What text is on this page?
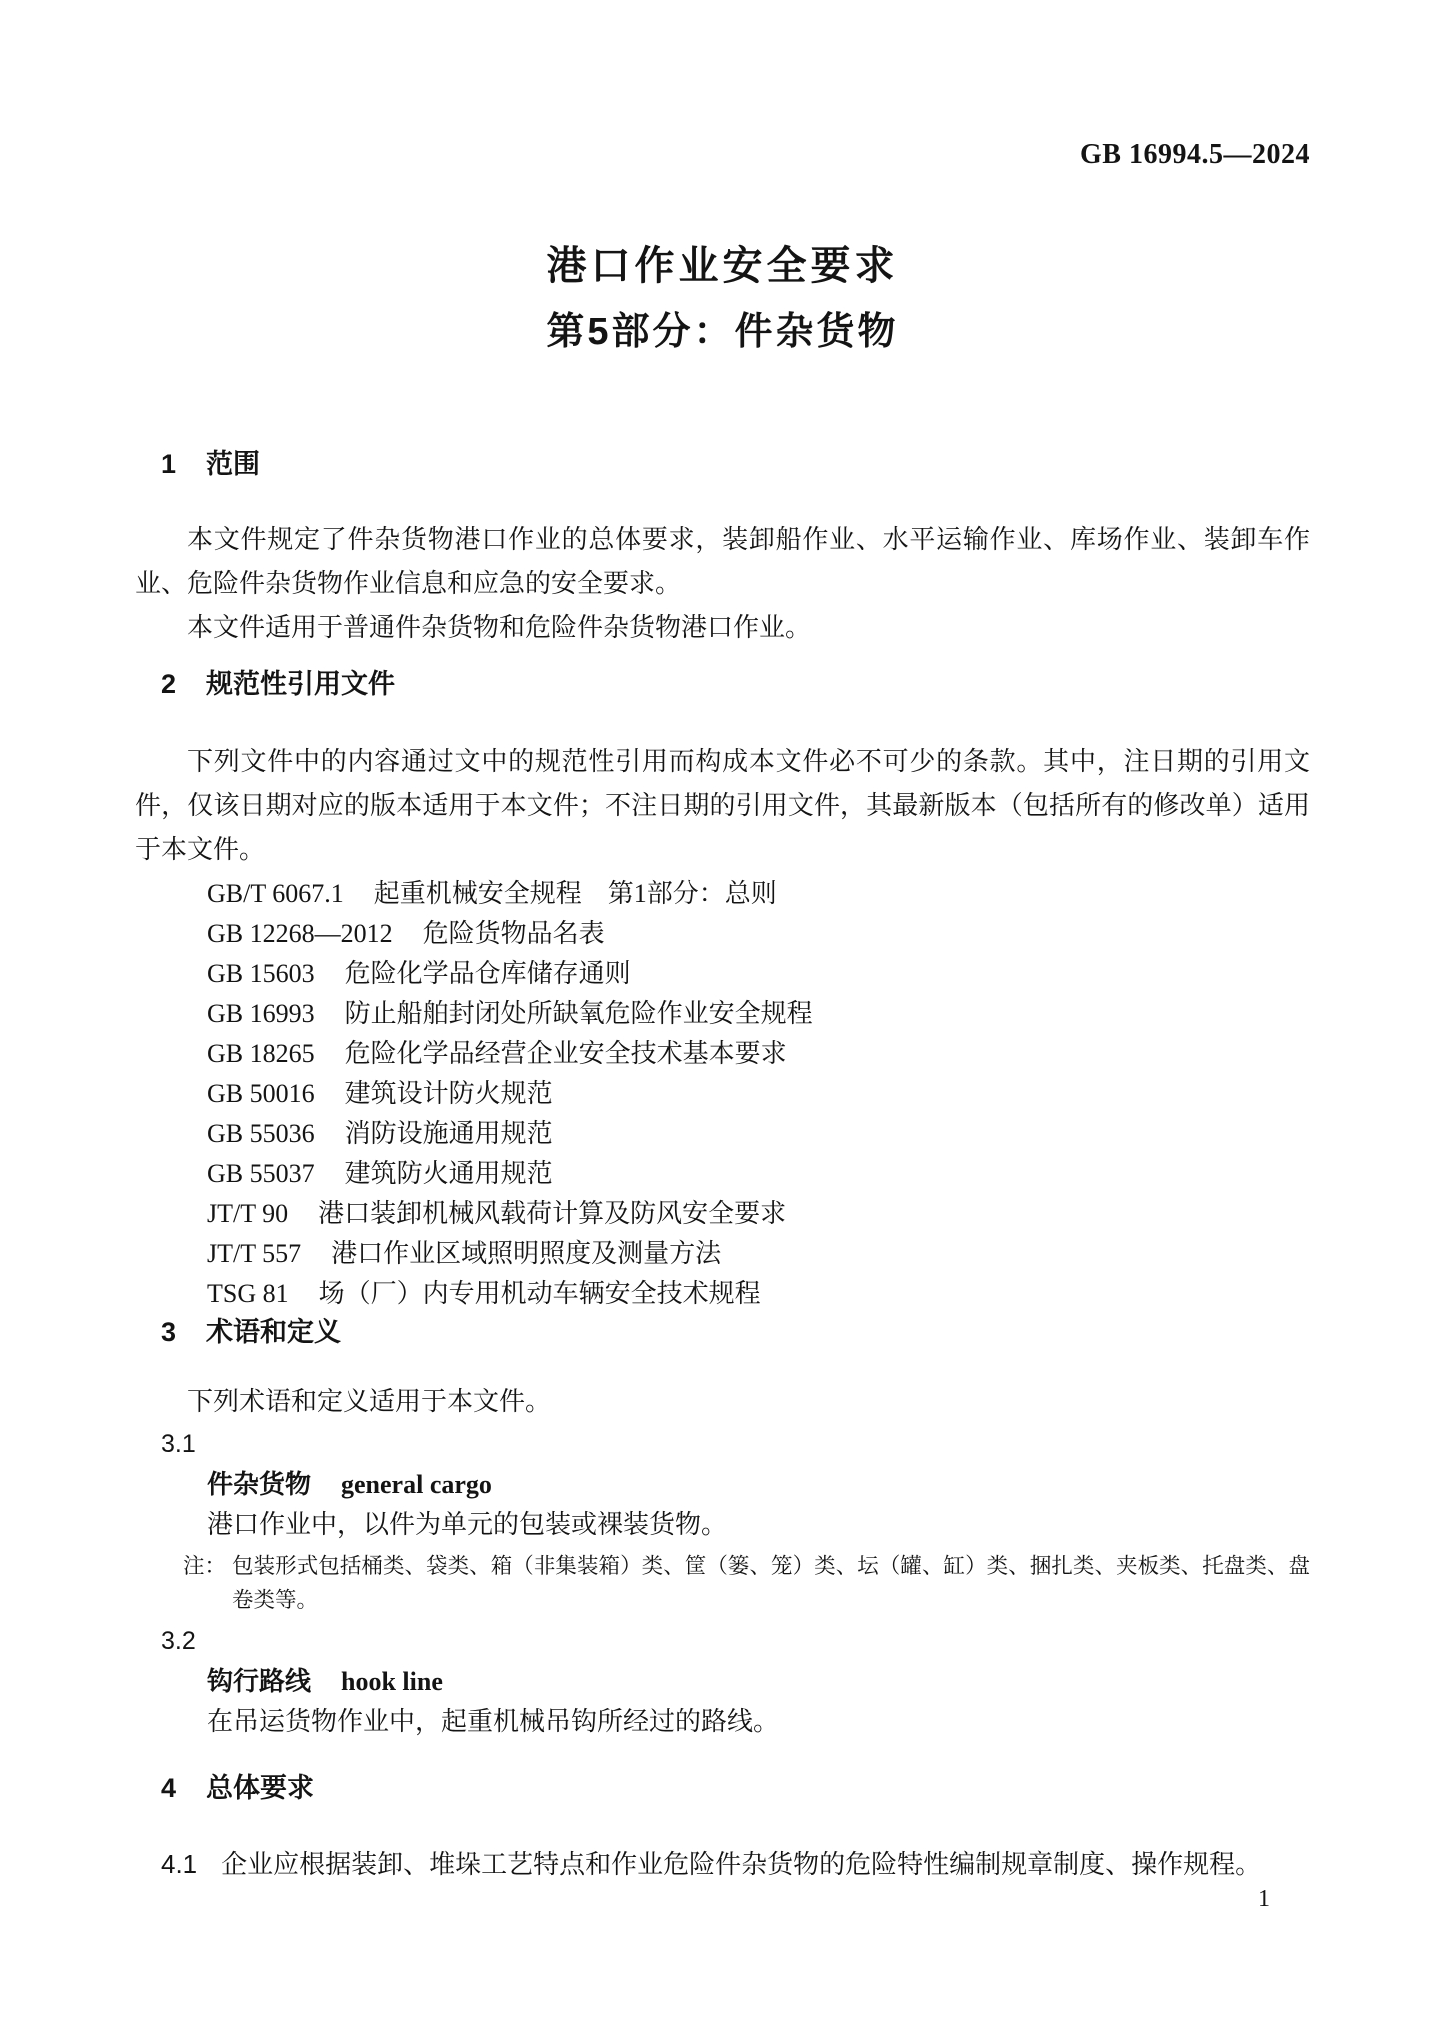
GB 16994.5—2024
港口作业安全要求
第5部分：件杂货物
1 范围

本文件规定了件杂货物港口作业的总体要求，装卸船作业、水平运输作业、库场作业、装卸车作业、危险件杂货物作业信息和应急的安全要求。

本文件适用于普通件杂货物和危险件杂货物港口作业。

2 规范性引用文件

下列文件中的内容通过文中的规范性引用而构成本文件必不可少的条款。其中，注日期的引用文件，仅该日期对应的版本适用于本文件；不注日期的引用文件，其最新版本（包括所有的修改单）适用于本文件。

GB/T 6067.1 起重机械安全规程　第1部分：总则
GB 12268—2012 危险货物品名表
GB 15603 危险化学品仓库储存通则
GB 16993 防止船舶封闭处所缺氧危险作业安全规程
GB 18265 危险化学品经营企业安全技术基本要求
GB 50016 建筑设计防火规范
GB 55036 消防设施通用规范
GB 55037 建筑防火通用规范
JT/T 90 港口装卸机械风载荷计算及防风安全要求
JT/T 557 港口作业区域照明照度及测量方法
TSG 81 场（厂）内专用机动车辆安全技术规程
3 术语和定义

下列术语和定义适用于本文件。

3.1
件杂货物 general cargo
港口作业中，以件为单元的包装或裸装货物。
注： 包装形式包括桶类、袋类、箱（非集装箱）类、筐（篓、笼）类、坛（罐、缸）类、捆扎类、夹板类、托盘类、盘卷类等。
3.2
钩行路线 hook line
在吊运货物作业中，起重机械吊钩所经过的路线。
4 总体要求
4.1 企业应根据装卸、堆垛工艺特点和作业危险件杂货物的危险特性编制规章制度、操作规程。
1
